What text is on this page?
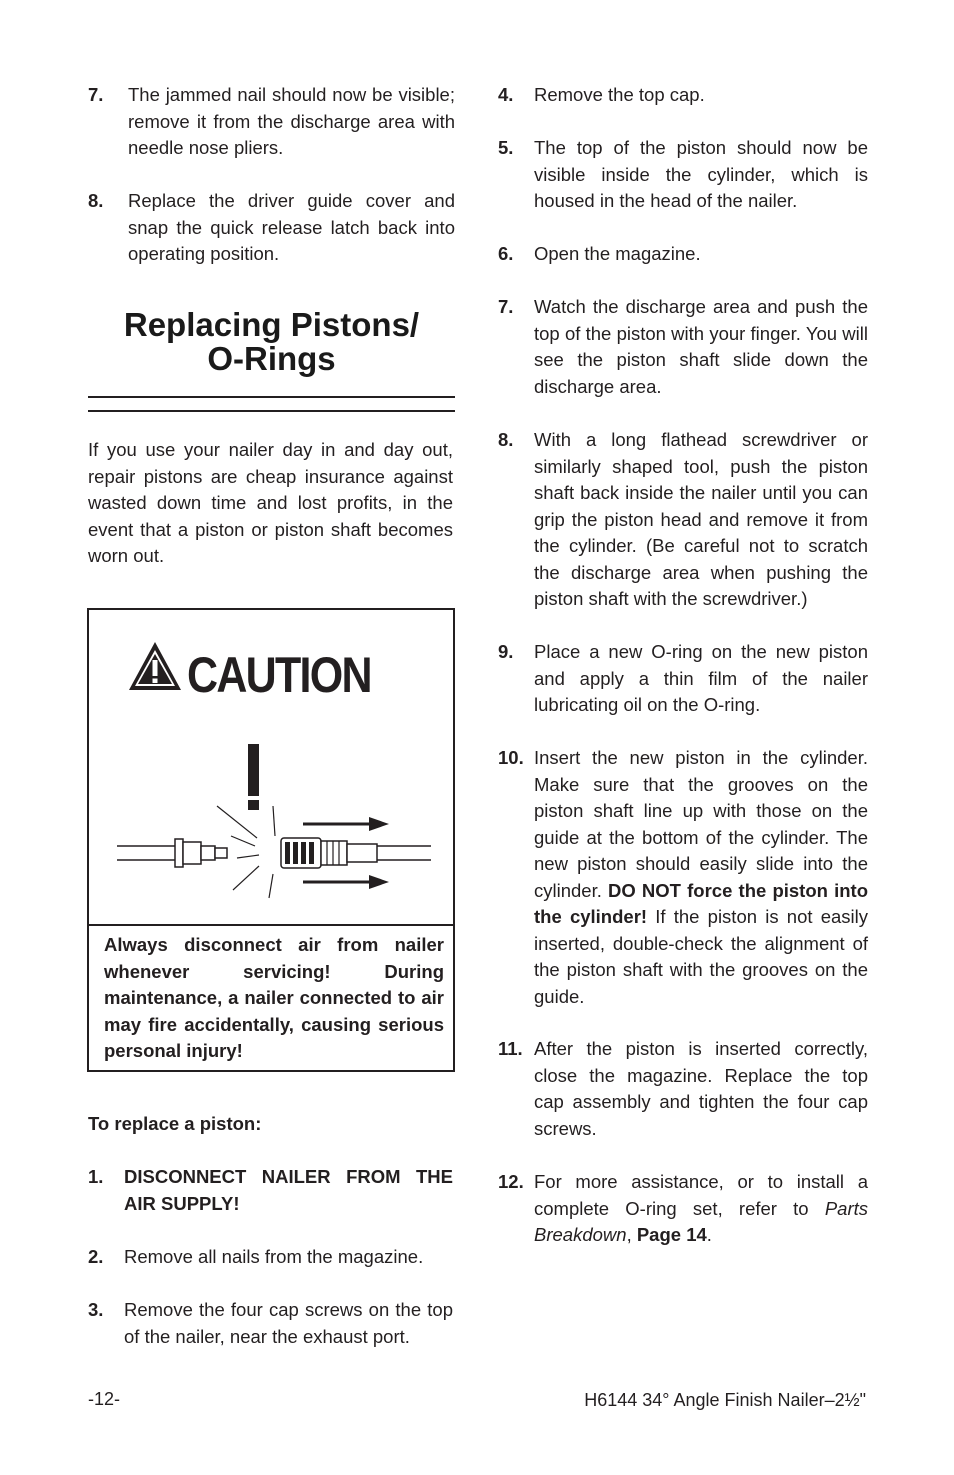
7.	The jammed nail should now be visible; remove it from the discharge area with needle nose pliers.
8.	Replace the driver guide cover and snap the quick release latch back into operating position.
Replacing Pistons/
O-Rings
If you use your nailer day in and day out, repair pistons are cheap insurance against wasted down time and lost profits, in the event that a piston or piston shaft becomes worn out.
CAUTION
Always disconnect air from nailer whenever servicing! During maintenance, a nailer connected to air may fire accidentally, causing serious personal injury!
To replace a piston:
1.	DISCONNECT NAILER FROM THE AIR SUPPLY!
2.	Remove all nails from the magazine.
3.	Remove the four cap screws on the top of the nailer, near the exhaust port.
4.	Remove the top cap.
5.	The top of the piston should now be visible inside the cylinder, which is housed in the head of the nailer.
6.	Open the magazine.
7.	Watch the discharge area and push the top of the piston with your finger. You will see the piston shaft slide down the discharge area.
8.	With a long flathead screwdriver or similarly shaped tool, push the piston shaft back inside the nailer until you can grip the piston head and remove it from the cylinder. (Be careful not to scratch the discharge area when pushing the piston shaft with the screwdriver.)
9.	Place a new O-ring on the new piston and apply a thin film of the nailer lubricating oil on the O-ring.
10. Insert the new piston in the cylinder. Make sure that the grooves on the piston shaft line up with those on the guide at the bottom of the cylinder. The new piston should easily slide into the cylinder. DO NOT force the piston into the cylinder! If the piston is not easily inserted, double-check the alignment of the piston shaft with the grooves on the guide.
11. After the piston is inserted correctly, close the magazine. Replace the top cap assembly and tighten the four cap screws.
12. For more assistance, or to install a complete O-ring set, refer to Parts Breakdown, Page 14.
-12-	H6144 34° Angle Finish Nailer–2½"
